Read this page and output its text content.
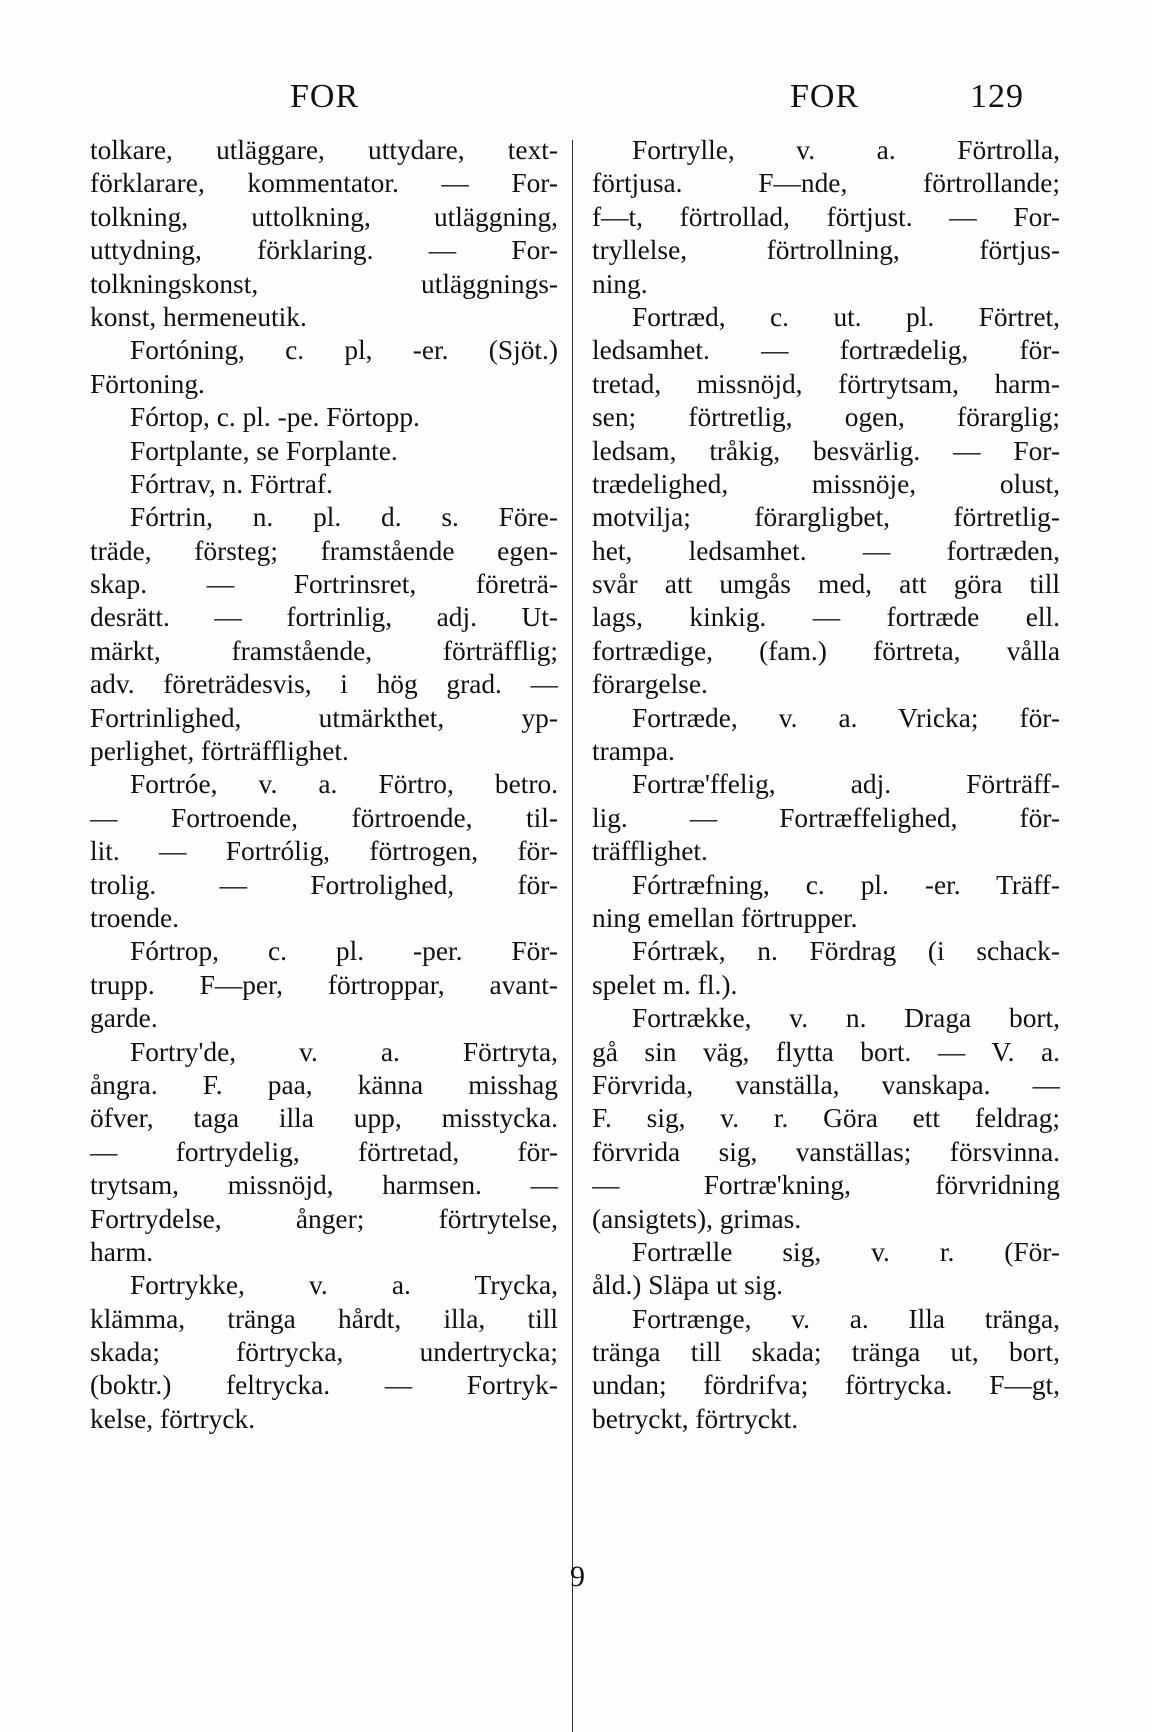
FOR	FOR	129
tolkare, utläggare, uttydare, text-
förklarare, kommentator. — For-
tolkning, uttolkning, utläggning,
uttydning, förklaring. — For-
tolkningskonst, utläggnings-
konst, hermeneutik.
Fortóning, c. pl, -er. (Sjöt.)
Förtoning.
Fórtop, c. pl. -pe. Förtopp.
Fortplante, se Forplante.
Fórtrav, n. Förtraf.
Fórtrin, n. pl. d. s. Före-
träde, försteg; framstående egen-
skap. — Fortrinsret, företrä-
desrätt. — fortrinlig, adj. Ut-
märkt, framstående, förträfflig;
adv. företrädesvis, i hög grad. —
Fortrinlighed, utmärkthet, yp-
perlighet, förträfflighet.
Fortróe, v. a. Förtro, betro.
— Fortroende, förtroende, til-
lit. — Fortrólig, förtrogen, för-
trolig. — Fortrolighed, för-
troende.
Fórtrop, c. pl. -per. För-
trupp. F—per, förtroppar, avant-
garde.
Fortry'de, v. a. Förtryta,
ångra. F. paa, känna misshag
öfver, taga illa upp, misstycka.
— fortrydelig, förtretad, för-
trytsam, missnöjd, harmsen. —
Fortrydelse, ånger; förtrytelse,
harm.
Fortrykke, v. a. Trycka,
klämma, tränga hårdt, illa, till
skada; förtrycka, undertrycka;
(boktr.) feltrycka. — Fortryk-
kelse, förtryck.
Fortrylle, v. a. Förtrolla,
förtjusa. F—nde, förtrollande;
f—t, förtrollad, förtjust. — For-
tryllelse, förtrollning, förtjus-
ning.
Fortræd, c. ut. pl. Förtret,
ledsamhet. — fortrædelig, för-
tretad, missnöjd, förtrytsam, harm-
sen; förtretlig, ogen, förarglig;
ledsam, tråkig, besvärlig. — For-
trædelighed, missnöje, olust,
motvilja; förargligbet, förtretlig-
het, ledsamhet. — fortræden,
svår att umgås med, att göra till
lags, kinkig. — fortræde ell.
fortrædige, (fam.) förtreta, vålla
förargelse.
Fortræde, v. a. Vricka; för-
trampa.
Fortræ'ffelig, adj. Förträff-
lig. — Fortræffelighed, för-
träfflighet.
Fórtræfning, c. pl. -er. Träff-
ning emellan förtrupper.
Fórtræk, n. Fördrag (i schack-
spelet m. fl.).
Fortrække, v. n. Draga bort,
gå sin väg, flytta bort. — V. a.
Förvrida, vanställa, vanskapa. —
F. sig, v. r. Göra ett feldrag;
förvrida sig, vanställas; försvinna.
— Fortræ'kning, förvridning
(ansigtets), grimas.
Fortrælle sig, v. r. (För-
åld.) Släpa ut sig.
Fortrænge, v. a. Illa tränga,
tränga till skada; tränga ut, bort,
undan; fördrifva; förtrycka. F—gt,
betryckt, förtryckt.
9
